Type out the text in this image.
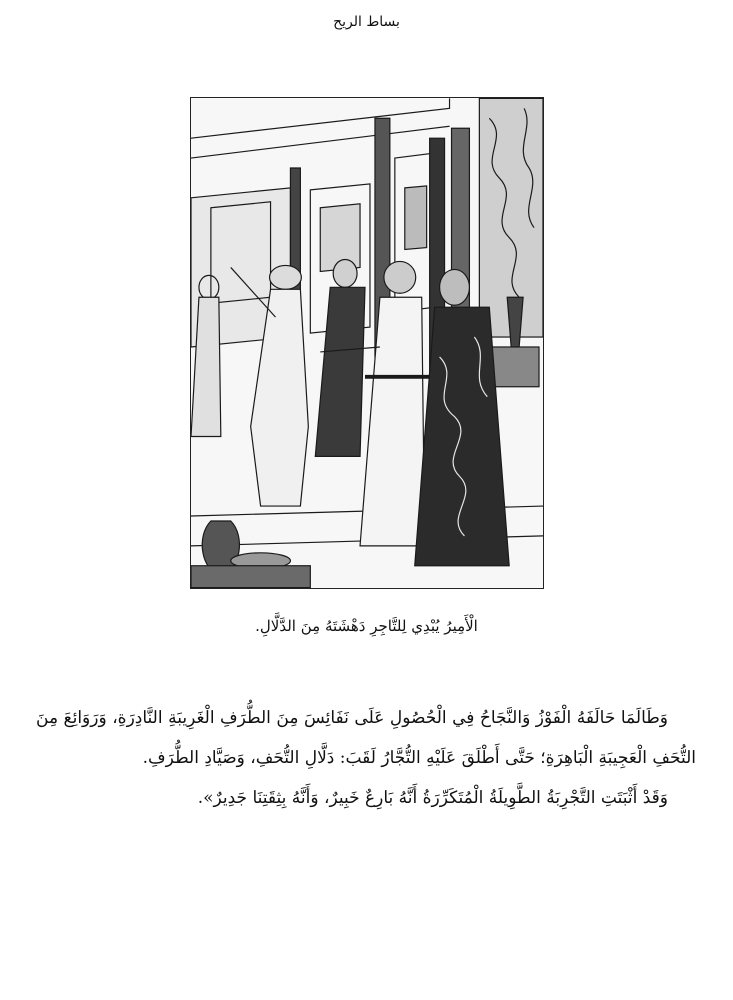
بساط الريح
الْأَمِيرُ يُبْدِي لِلتَّاجِرِ دَهْشَتَهُ مِنَ الدَّلَّالِ.

وَطَالَمَا حَالَفَهُ الْفَوْزُ وَالنَّجَاحُ فِي الْحُصُولِ عَلَى نَفَائِسَ مِنَ الطُّرَفِ الْغَرِيبَةِ النَّادِرَةِ، وَرَوَائِعَ مِنَ التُّحَفِ الْعَجِيبَةِ الْبَاهِرَةِ؛ حَتَّى أَطْلَقَ عَلَيْهِ التُّجَّارُ لَقَبَ: دَلَّالِ التُّحَفِ، وَصَيَّادِ الطُّرَفِ.

وَقَدْ أَثْبَتَتِ التَّجْرِبَةُ الطَّوِيلَةُ الْمُتَكَرِّرَةُ أَنَّهُ بَارِعٌ خَبِيرٌ، وَأَنَّهُ بِثِقَتِنَا جَدِيرٌ».
